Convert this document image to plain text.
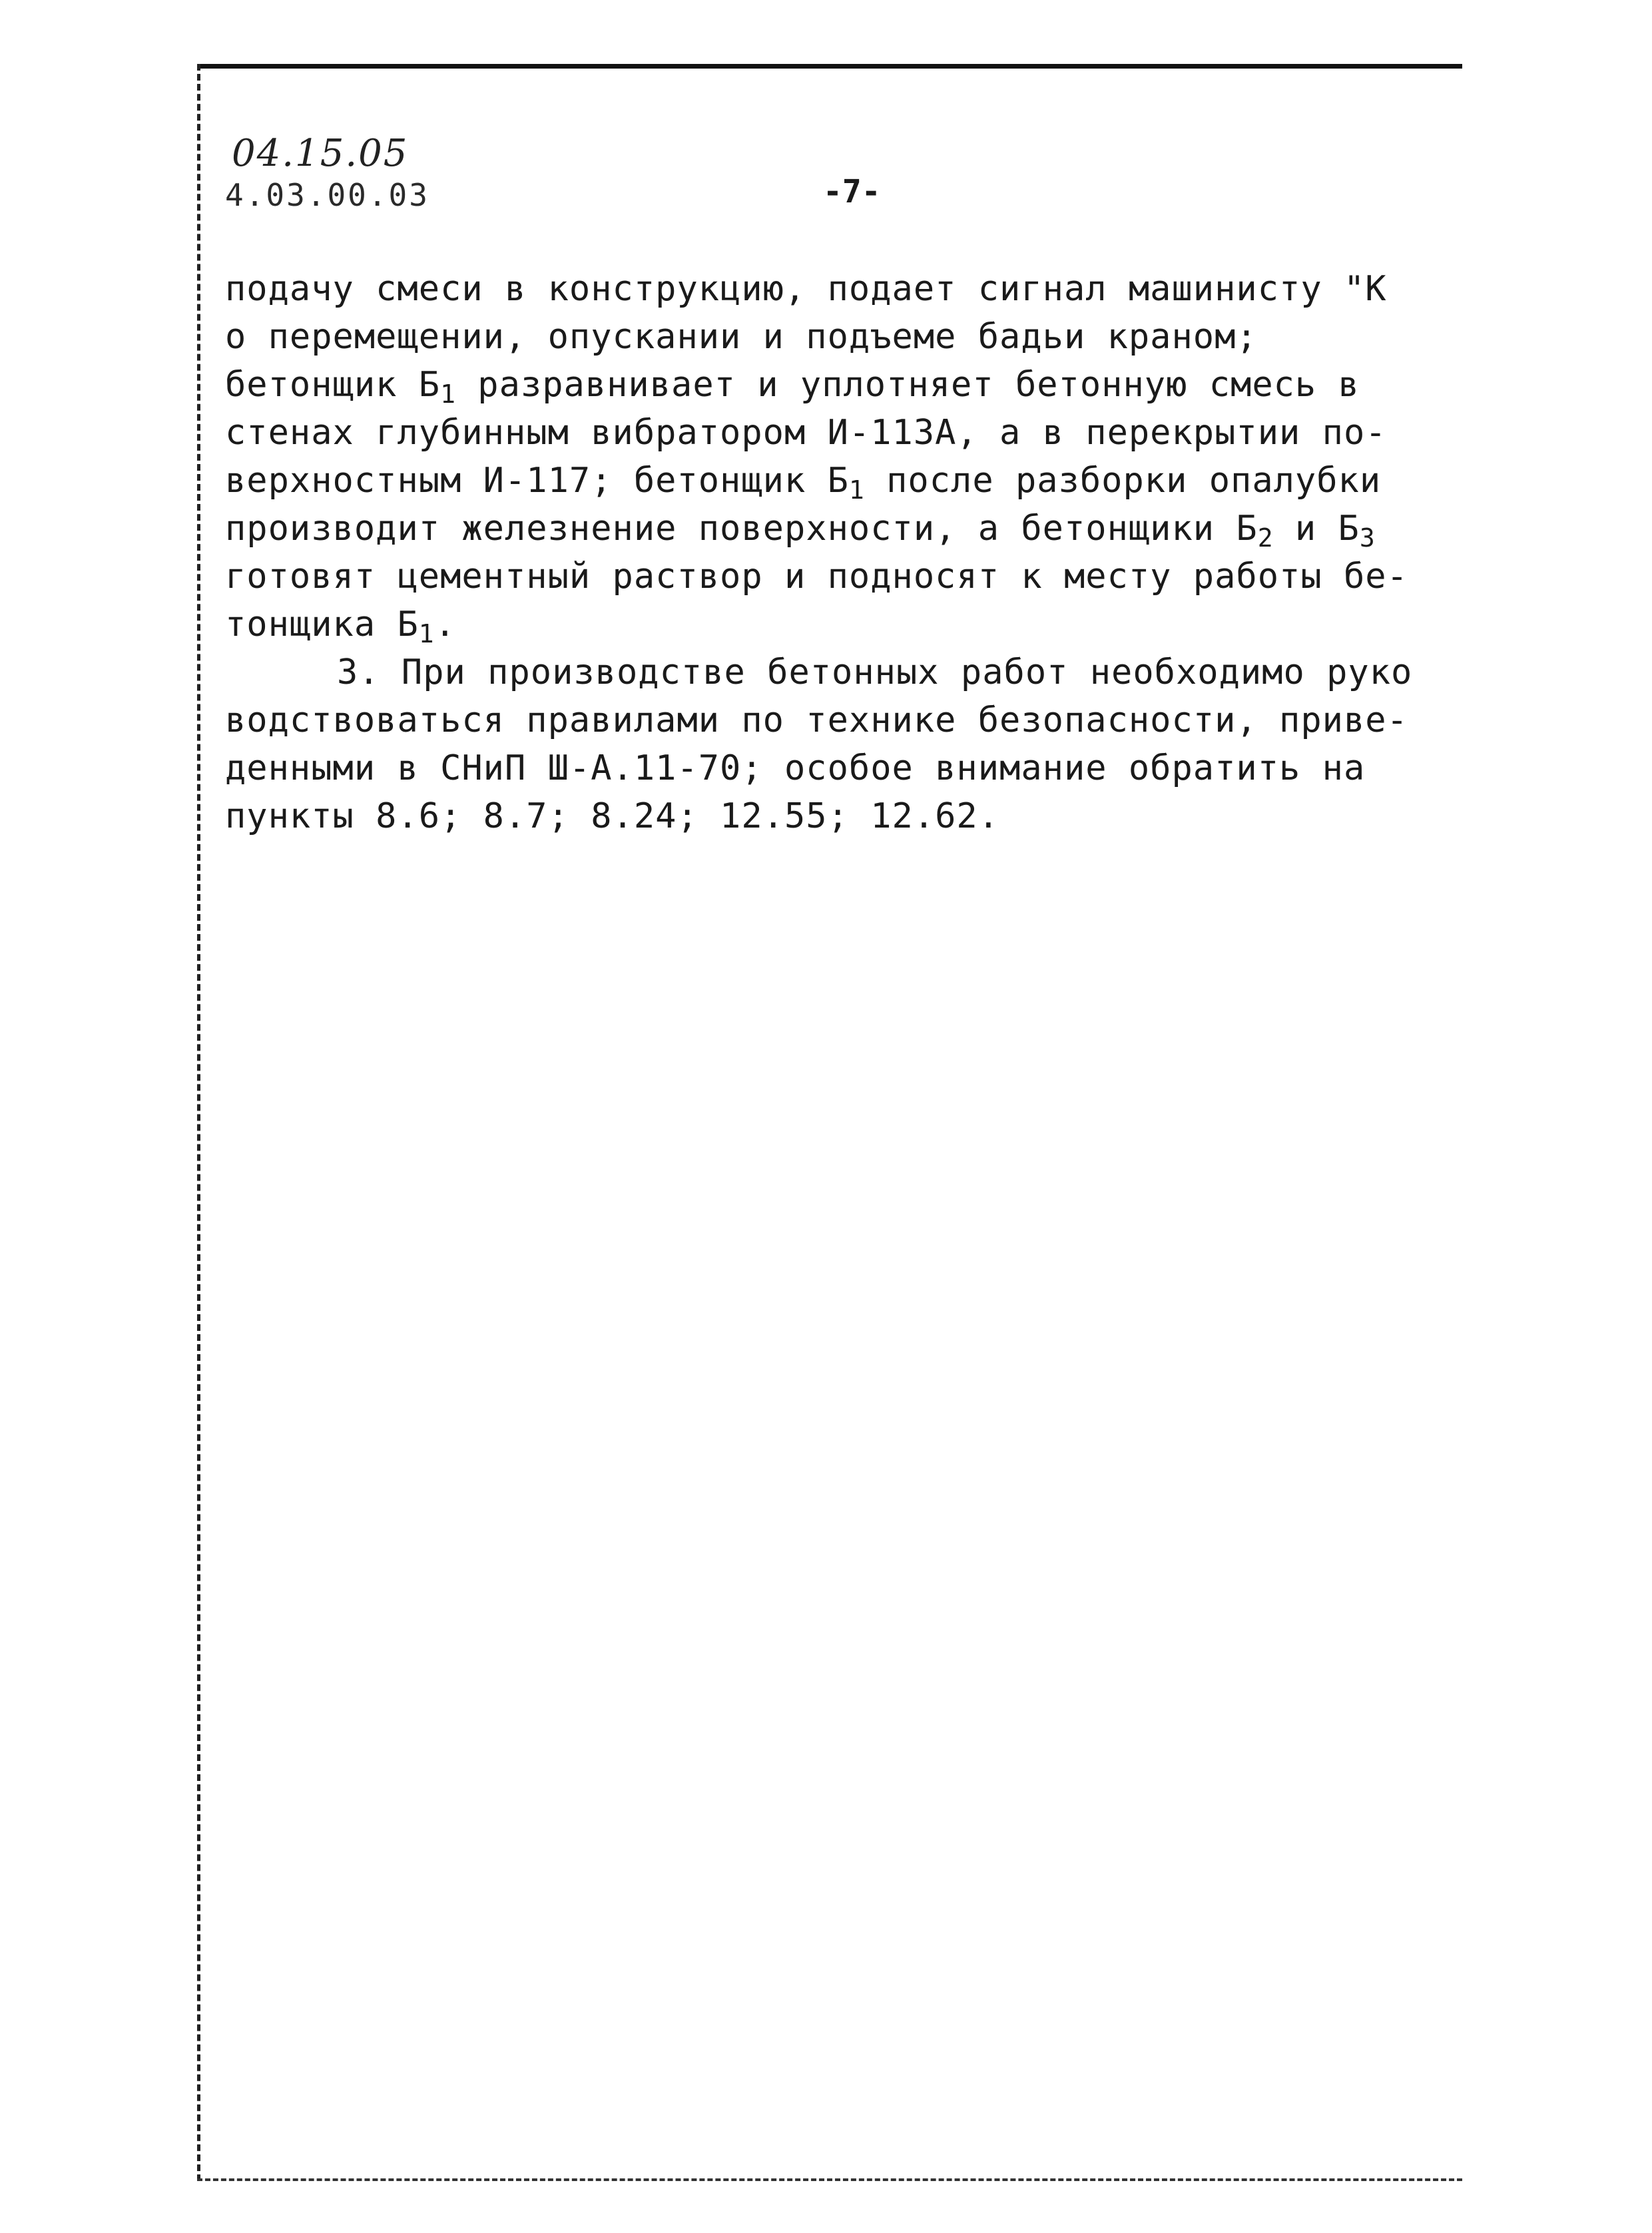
04.15.05
4.03.00.03	-7-
подачу смеси в конструкцию, подает сигнал машинисту "К
о перемещении, опускании и подъеме бадьи краном;
бетонщик $Б_1$ разравнивает и уплотняет бетонную смесь в
стенах глубинным вибратором И-113А, а в перекрытии по-
верхностным И-117; бетонщик $Б_1$ после разборки опалубки
производит железнение поверхности, а бетонщики $Б_2$ и $Б_3$
готовят цементный раствор и подносят к месту работы бе-
тонщика $Б_1$.
3. При производстве бетонных работ необходимо руко
водствоваться правилами по технике безопасности, приве-
денными в СНиП Ш-А.11-70; особое внимание обратить на
пункты 8.6; 8.7; 8.24; 12.55; 12.62.
